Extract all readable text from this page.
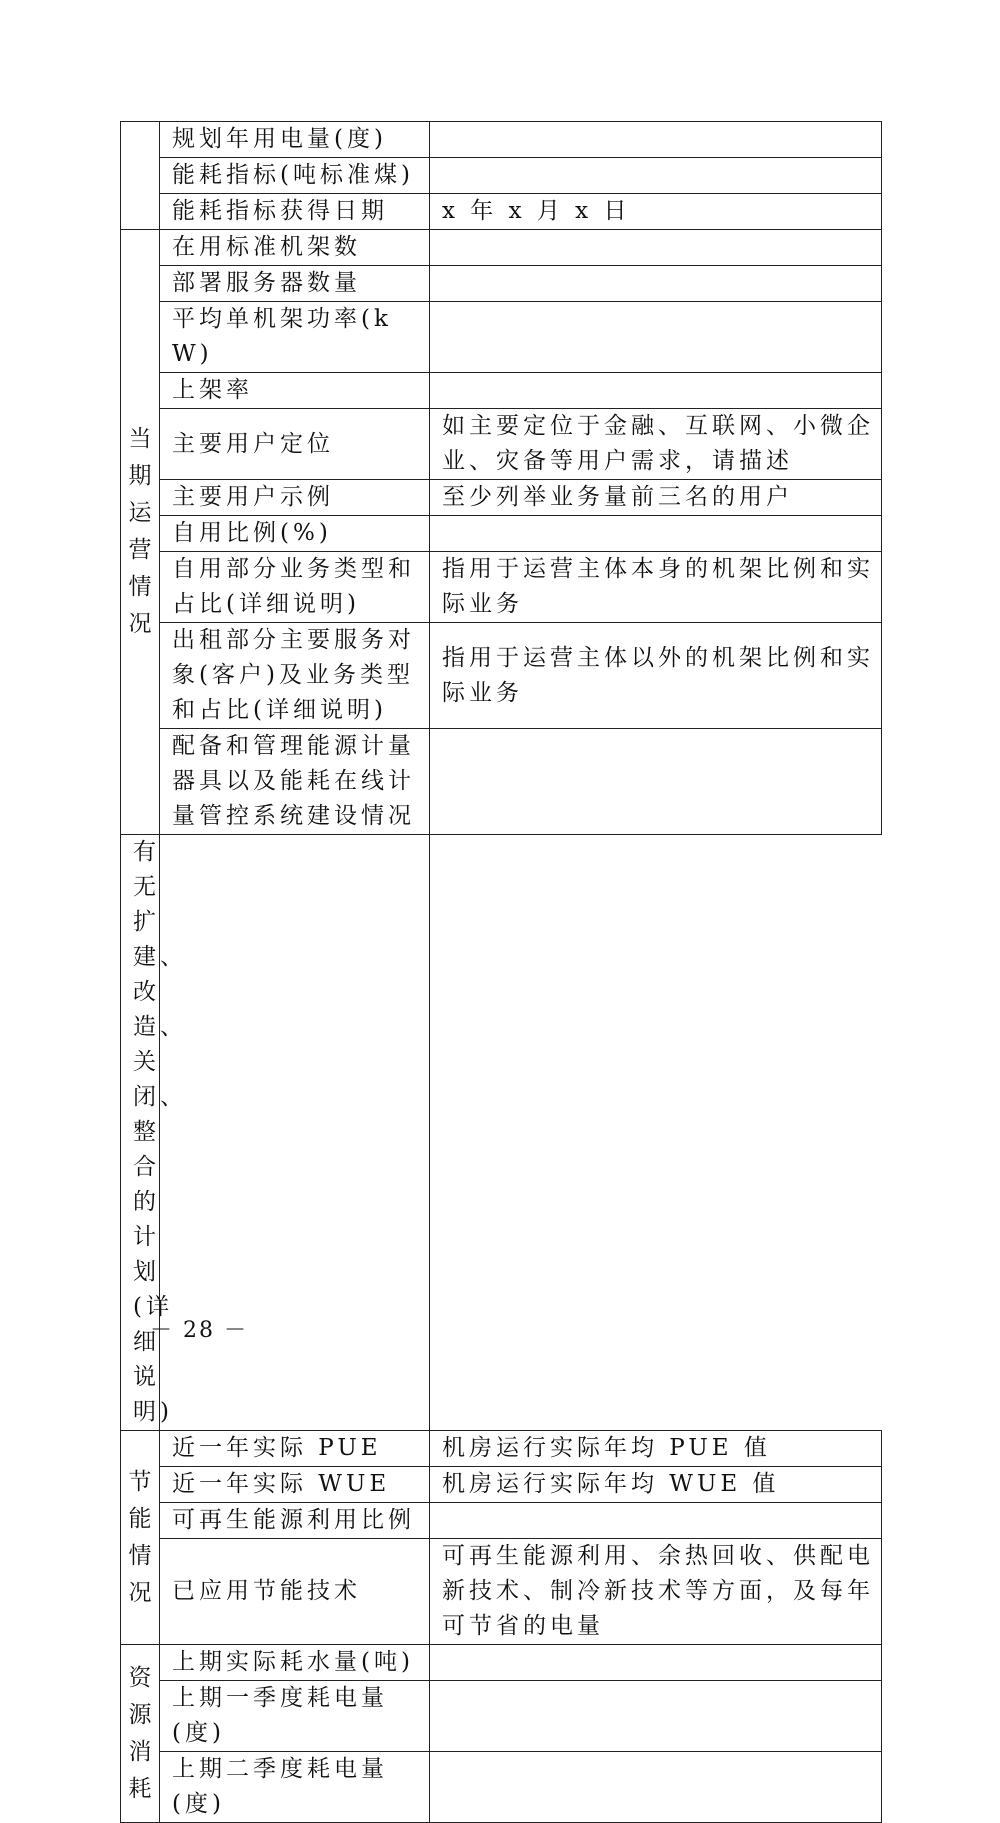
	规划年用电量(度)	
	能耗指标(吨标准煤)	
	能耗指标获得日期	x 年 x 月 x 日
当期运营情况	在用标准机架数	
	部署服务器数量	
	平均单机架功率(kW)	
	上架率	
	主要用户定位	如主要定位于金融、互联网、小微企业、灾备等用户需求，请描述
	主要用户示例	至少列举业务量前三名的用户
	自用比例(%)	
	自用部分业务类型和占比(详细说明)	指用于运营主体本身的机架比例和实际业务
	出租部分主要服务对象(客户)及业务类型和占比(详细说明)	指用于运营主体以外的机架比例和实际业务
	配备和管理能源计量器具以及能耗在线计量管控系统建设情况	
有无扩建、改造、关闭、整合的计划(详细说明)		
节能情况	近一年实际 PUE	机房运行实际年均 PUE 值
	近一年实际 WUE	机房运行实际年均 WUE 值
	可再生能源利用比例	
	已应用节能技术	可再生能源利用、余热回收、供配电新技术、制冷新技术等方面，及每年可节省的电量
资源消耗	上期实际耗水量(吨)	
	上期一季度耗电量(度)	
	上期二季度耗电量(度)	
－ 28 －
